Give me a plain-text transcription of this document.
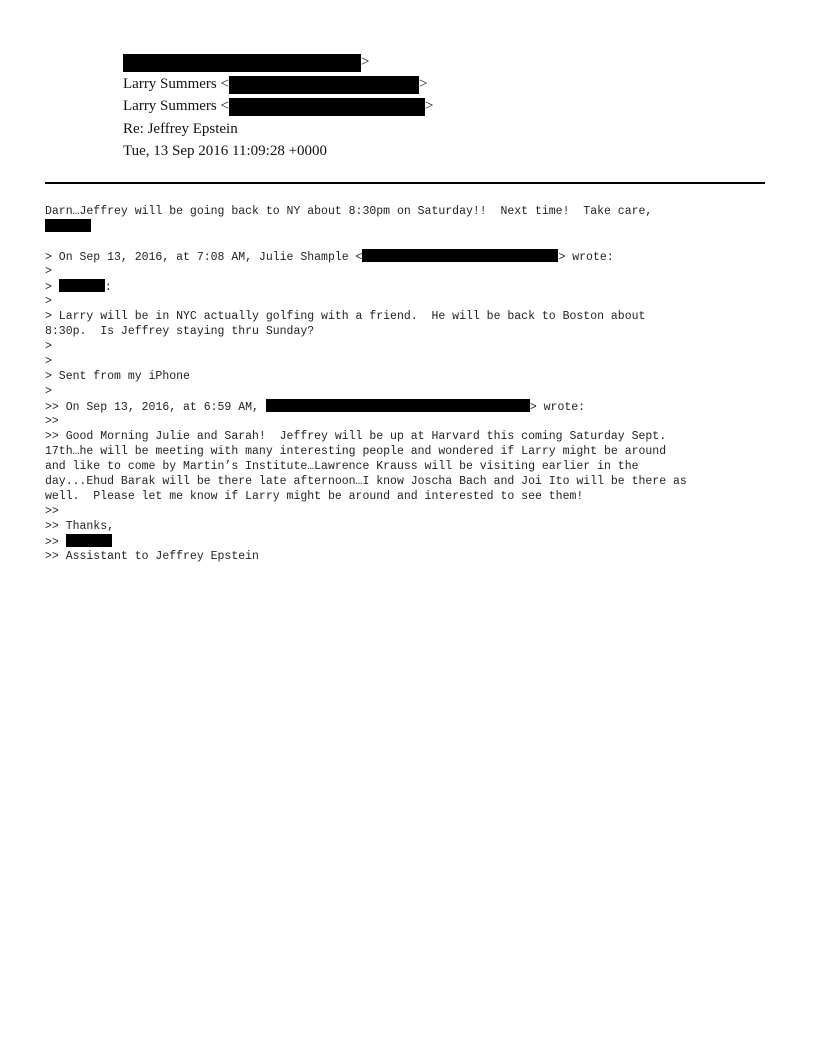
>
Larry Summers <	>
Larry Summers <	>
Re: Jeffrey Epstein
Tue, 13 Sep 2016 11:09:28 +0000
Darn…Jeffrey will be going back to NY about 8:30pm on Saturday!!  Next time!  Take care,
> On Sep 13, 2016, at 7:08 AM, Julie Shample <	> wrote:
>
>	:
>
> Larry will be in NYC actually golfing with a friend.  He will be back to Boston about
8:30p.  Is Jeffrey staying thru Sunday?
>
>
> Sent from my iPhone
>
>> On Sep 13, 2016, at 6:59 AM,	> wrote:
>>
>> Good Morning Julie and Sarah!  Jeffrey will be up at Harvard this coming Saturday Sept.
17th…he will be meeting with many interesting people and wondered if Larry might be around
and like to come by Martin’s Institute…Lawrence Krauss will be visiting earlier in the
day...Ehud Barak will be there late afternoon…I know Joscha Bach and Joi Ito will be there as
well.  Please let me know if Larry might be around and interested to see them!
>>
>> Thanks,
>>
>> Assistant to Jeffrey Epstein
